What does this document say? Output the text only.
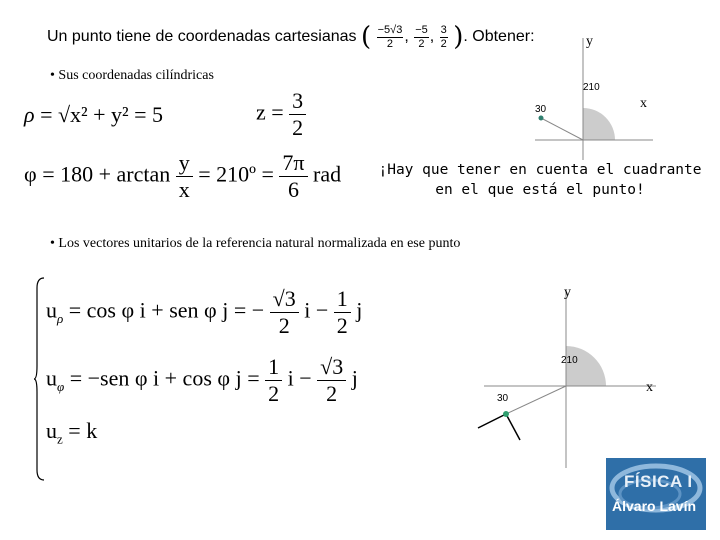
Un punto tiene de coordenadas cartesianas ( $\frac{-5√3}{2}$ , $\frac{-5}{2}$ , $\frac{3}{2}$ ). Obtener:
• Sus coordenadas cilíndricas
ρ = √x² + y² = 5	$z = \frac{3}{2}$
$\varphi = 180 + \arctan \frac{y}{x}$ = 210º = $\frac{7\pi}{6}$ rad
y
x
210
30
¡Hay que tener en cuenta el cuadrante
en el que está el punto!
• Los vectores unitarios de la referencia natural normalizada en ese punto
$u_\rho = \cos \varphi$ i + sen φ j = − $\frac{√3}{2}$ $i - \frac{1}{2}$ j
$u_\varphi = -sen$ φ i + cos φ $j = \frac{1}{2}$ $i - \frac{√3}{2}$ j
$u_z = k$
y
x
210
30
FÍSICA I
Álvaro Lavín
